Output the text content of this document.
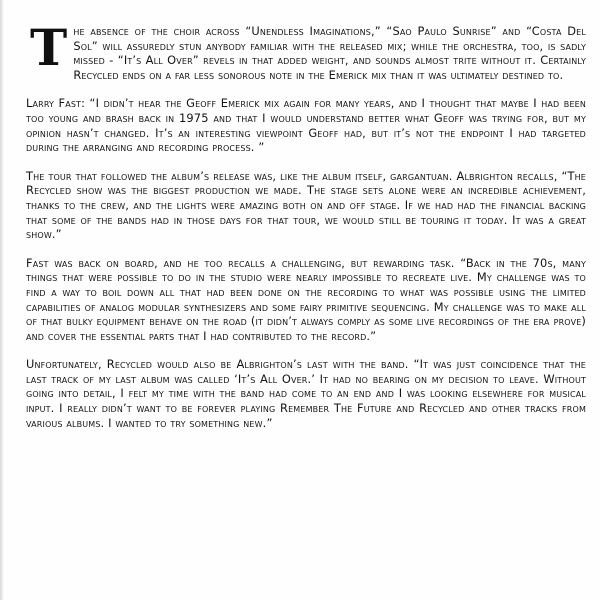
The absence of the choir across “Unendless Imaginations,” “Sao Paulo Sunrise” and “Costa Del Sol” will assuredly stun anybody familiar with the released mix; while the orchestra, too, is sadly missed - “It’s All Over” revels in that added weight, and sounds almost trite without it. Certainly Recycled ends on a far less sonorous note in the Emerick mix than it was ultimately destined to.

Larry Fast: “I didn’t hear the Geoff Emerick mix again for many years, and I thought that maybe I had been too young and brash back in 1975 and that I would understand better what Geoff was trying for, but my opinion hasn’t changed. It’s an interesting viewpoint Geoff had, but it’s not the endpoint I had targeted during the arranging and recording process. ”

The tour that followed the album’s release was, like the album itself, gargantuan. Albrighton recalls, “The Recycled show was the biggest production we made. The stage sets alone were an incredible achievement, thanks to the crew, and the lights were amazing both on and off stage. If we had had the financial backing that some of the bands had in those days for that tour, we would still be touring it today. It was a great show.”

Fast was back on board, and he too recalls a challenging, but rewarding task. “Back in the 70s, many things that were possible to do in the studio were nearly impossible to recreate live. My challenge was to find a way to boil down all that had been done on the recording to what was possible using the limited capabilities of analog modular synthesizers and some fairy primitive sequencing. My challenge was to make all of that bulky equipment behave on the road (it didn’t always comply as some live recordings of the era prove) and cover the essential parts that I had contributed to the record.”

Unfortunately, Recycled would also be Albrighton’s last with the band. “It was just coincidence that the last track of my last album was called ‘It’s All Over.’ It had no bearing on my decision to leave. Without going into detail, I felt my time with the band had come to an end and I was looking elsewhere for musical input. I really didn’t want to be forever playing Remember The Future and Recycled and other tracks from various albums. I wanted to try something new.”
